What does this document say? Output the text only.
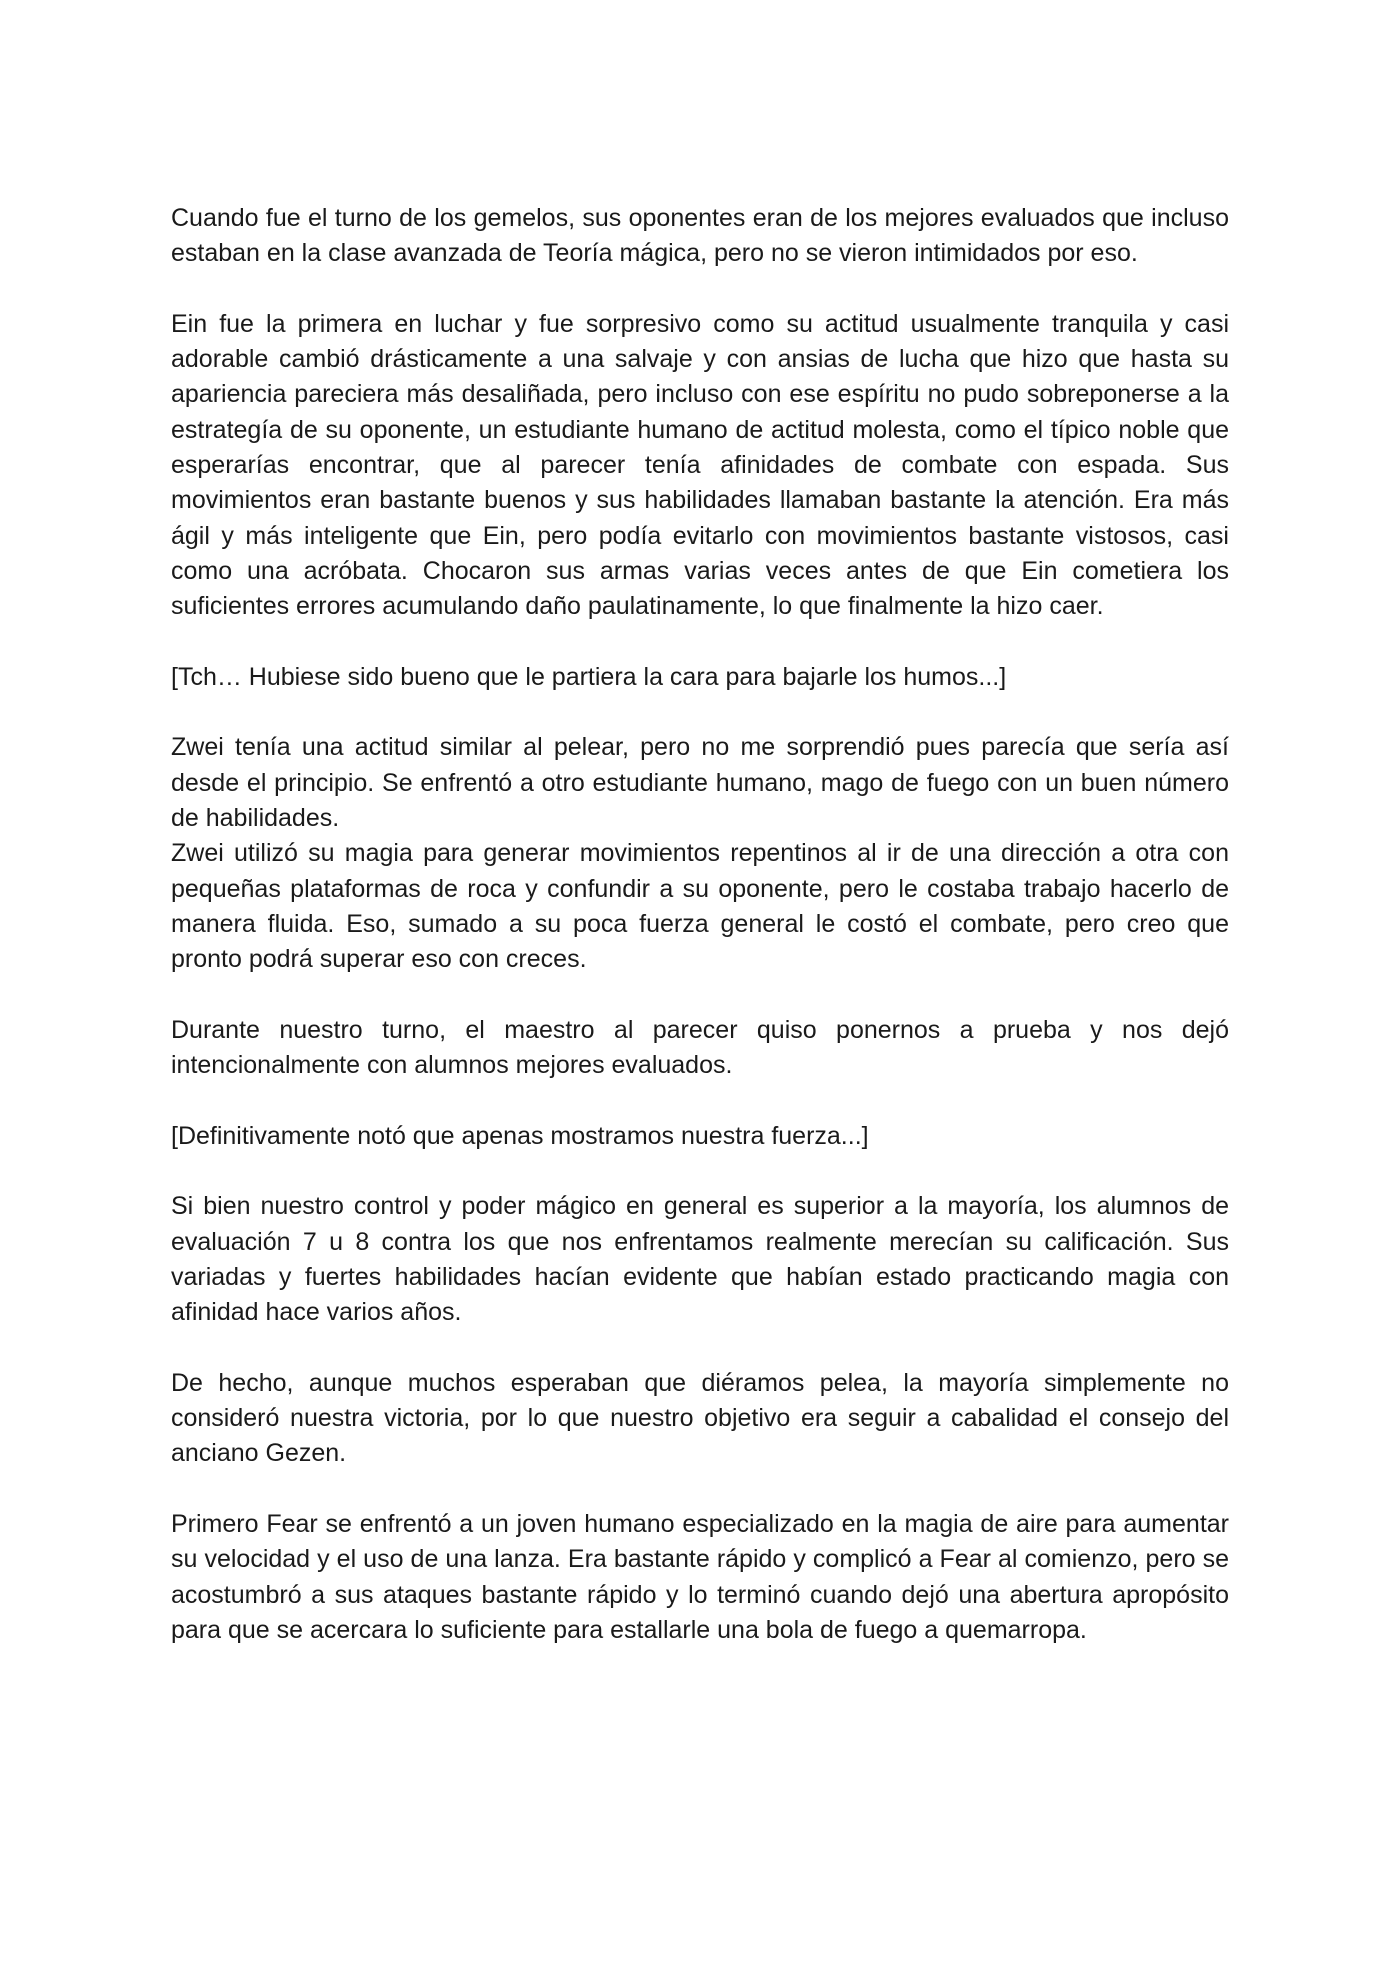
Cuando fue el turno de los gemelos, sus oponentes eran de los mejores evaluados que incluso estaban en la clase avanzada de Teoría mágica, pero no se vieron intimidados por eso.

Ein fue la primera en luchar y fue sorpresivo como su actitud usualmente tranquila y casi adorable cambió drásticamente a una salvaje y con ansias de lucha que hizo que hasta su apariencia pareciera más desaliñada, pero incluso con ese espíritu no pudo sobreponerse a la estrategía de su oponente, un estudiante humano de actitud molesta, como el típico noble que esperarías encontrar, que al parecer tenía afinidades de combate con espada. Sus movimientos eran bastante buenos y sus habilidades llamaban bastante la atención. Era más ágil y más inteligente que Ein, pero podía evitarlo con movimientos bastante vistosos, casi como una acróbata. Chocaron sus armas varias veces antes de que Ein cometiera los suficientes errores acumulando daño paulatinamente, lo que finalmente la hizo caer.

[Tch… Hubiese sido bueno que le partiera la cara para bajarle los humos...]

Zwei tenía una actitud similar al pelear, pero no me sorprendió pues parecía que sería así desde el principio. Se enfrentó a otro estudiante humano, mago de fuego con un buen número de habilidades.

Zwei utilizó su magia para generar movimientos repentinos al ir de una dirección a otra con pequeñas plataformas de roca y confundir a su oponente, pero le costaba trabajo hacerlo de manera fluida. Eso, sumado a su poca fuerza general le costó el combate, pero creo que pronto podrá superar eso con creces.

Durante nuestro turno, el maestro al parecer quiso ponernos a prueba y nos dejó intencionalmente con alumnos mejores evaluados.

[Definitivamente notó que apenas mostramos nuestra fuerza...]

Si bien nuestro control y poder mágico en general es superior a la mayoría, los alumnos de evaluación 7 u 8 contra los que nos enfrentamos realmente merecían su calificación. Sus variadas y fuertes habilidades hacían evidente que habían estado practicando magia con afinidad hace varios años.

De hecho, aunque muchos esperaban que diéramos pelea, la mayoría simplemente no consideró nuestra victoria, por lo que nuestro objetivo era seguir a cabalidad el consejo del anciano Gezen.

Primero Fear se enfrentó a un joven humano especializado en la magia de aire para aumentar su velocidad y el uso de una lanza. Era bastante rápido y complicó a Fear al comienzo, pero se acostumbró a sus ataques bastante rápido y lo terminó cuando dejó una abertura apropósito para que se acercara lo suficiente para estallarle una bola de fuego a quemarropa.
